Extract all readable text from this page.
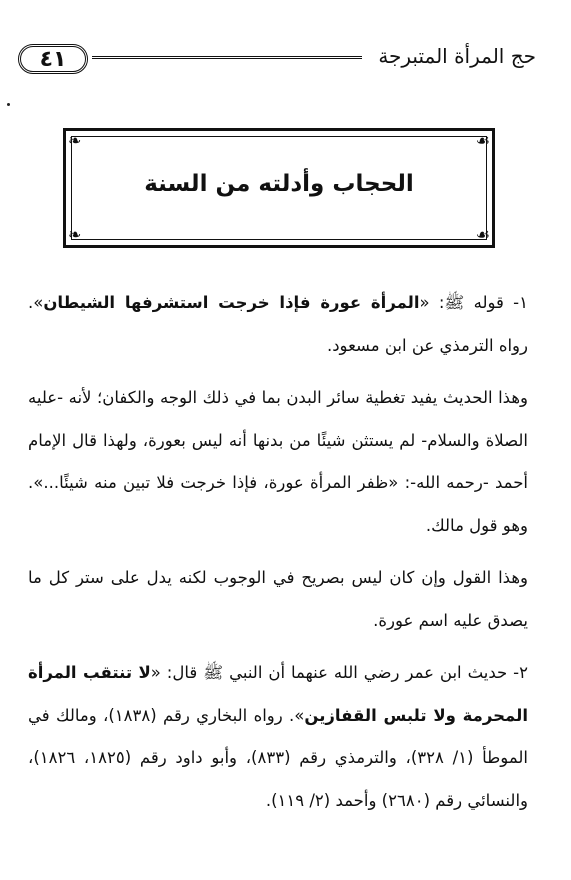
٤١	حج المرأة المتبرجة
❧	☙
❧	☙
الحجاب وأدلته من السنة

١- قوله ﷺ: «المرأة عورة فإذا خرجت استشرفها الشيطان». رواه الترمذي عن ابن مسعود.

وهذا الحديث يفيد تغطية سائر البدن بما في ذلك الوجه والكفان؛ لأنه -عليه الصلاة والسلام- لم يستثن شيئًا من بدنها أنه ليس بعورة، ولهذا قال الإمام أحمد -رحمه الله-: «ظفر المرأة عورة، فإذا خرجت فلا تبين منه شيئًا...». وهو قول مالك.

وهذا القول وإن كان ليس بصريح في الوجوب لكنه يدل على ستر كل ما يصدق عليه اسم عورة.

٢- حديث ابن عمر رضي الله عنهما أن النبي ﷺ قال: «لا تنتقب المرأة المحرمة ولا تلبس القفازين». رواه البخاري رقم (١٨٣٨)، ومالك في الموطأ (١/ ٣٢٨)، والترمذي رقم (٨٣٣)، وأبو داود رقم (١٨٢٥، ١٨٢٦)، والنسائي رقم (٢٦٨٠) وأحمد (٢/ ١١٩).
